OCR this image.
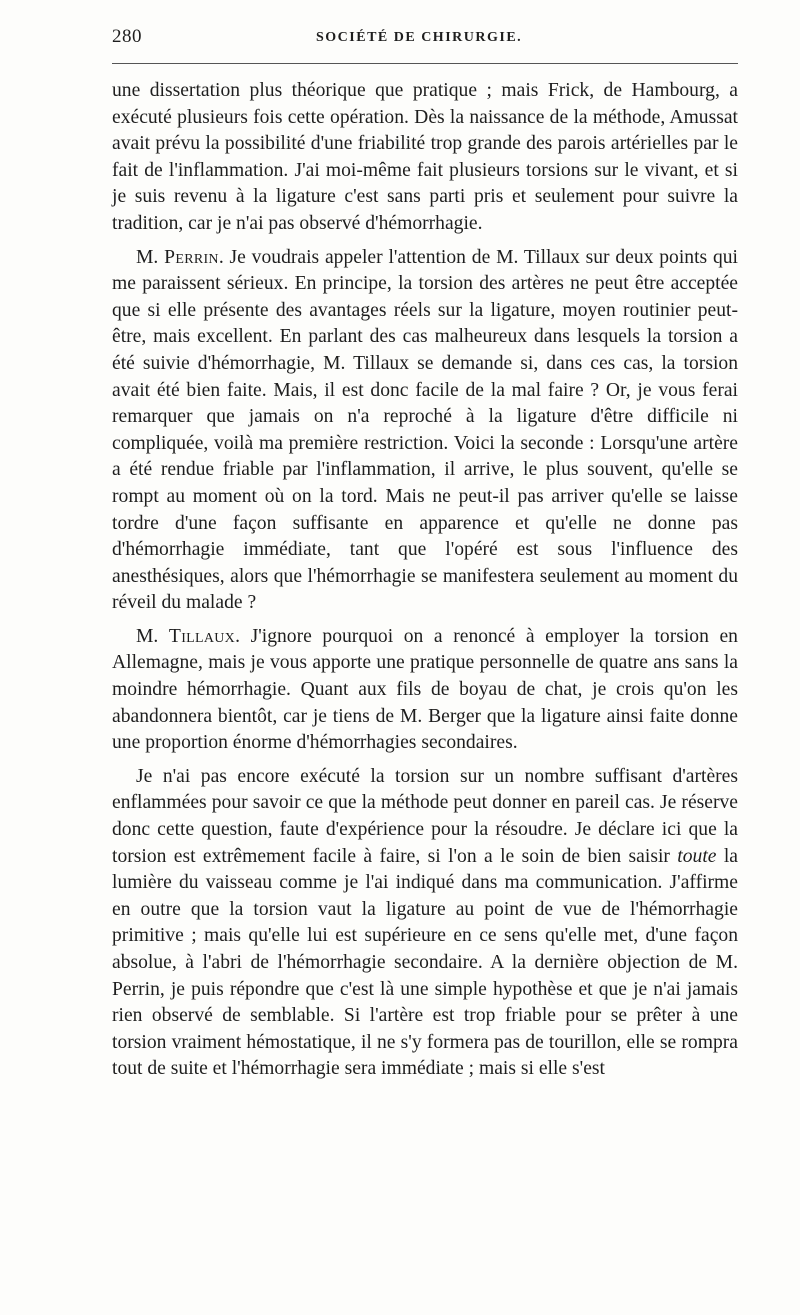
280	SOCIÉTÉ DE CHIRURGIE.

une dissertation plus théorique que pratique ; mais Frick, de Hambourg, a exécuté plusieurs fois cette opération. Dès la naissance de la méthode, Amussat avait prévu la possibilité d'une friabilité trop grande des parois artérielles par le fait de l'inflammation. J'ai moi-même fait plusieurs torsions sur le vivant, et si je suis revenu à la ligature c'est sans parti pris et seulement pour suivre la tradition, car je n'ai pas observé d'hémorrhagie.

M. Perrin. Je voudrais appeler l'attention de M. Tillaux sur deux points qui me paraissent sérieux. En principe, la torsion des artères ne peut être acceptée que si elle présente des avantages réels sur la ligature, moyen routinier peut-être, mais excellent. En parlant des cas malheureux dans lesquels la torsion a été suivie d'hémorrhagie, M. Tillaux se demande si, dans ces cas, la torsion avait été bien faite. Mais, il est donc facile de la mal faire ? Or, je vous ferai remarquer que jamais on n'a reproché à la ligature d'être difficile ni compliquée, voilà ma première restriction. Voici la seconde : Lorsqu'une artère a été rendue friable par l'inflammation, il arrive, le plus souvent, qu'elle se rompt au moment où on la tord. Mais ne peut-il pas arriver qu'elle se laisse tordre d'une façon suffisante en apparence et qu'elle ne donne pas d'hémorrhagie immédiate, tant que l'opéré est sous l'influence des anesthésiques, alors que l'hémorrhagie se manifestera seulement au moment du réveil du malade ?

M. Tillaux. J'ignore pourquoi on a renoncé à employer la torsion en Allemagne, mais je vous apporte une pratique personnelle de quatre ans sans la moindre hémorrhagie. Quant aux fils de boyau de chat, je crois qu'on les abandonnera bientôt, car je tiens de M. Berger que la ligature ainsi faite donne une proportion énorme d'hémorrhagies secondaires.

Je n'ai pas encore exécuté la torsion sur un nombre suffisant d'artères enflammées pour savoir ce que la méthode peut donner en pareil cas. Je réserve donc cette question, faute d'expérience pour la résoudre. Je déclare ici que la torsion est extrêmement facile à faire, si l'on a le soin de bien saisir toute la lumière du vaisseau comme je l'ai indiqué dans ma communication. J'affirme en outre que la torsion vaut la ligature au point de vue de l'hémorrhagie primitive ; mais qu'elle lui est supérieure en ce sens qu'elle met, d'une façon absolue, à l'abri de l'hémorrhagie secondaire. A la dernière objection de M. Perrin, je puis répondre que c'est là une simple hypothèse et que je n'ai jamais rien observé de semblable. Si l'artère est trop friable pour se prêter à une torsion vraiment hémostatique, il ne s'y formera pas de tourillon, elle se rompra tout de suite et l'hémorrhagie sera immédiate ; mais si elle s'est
